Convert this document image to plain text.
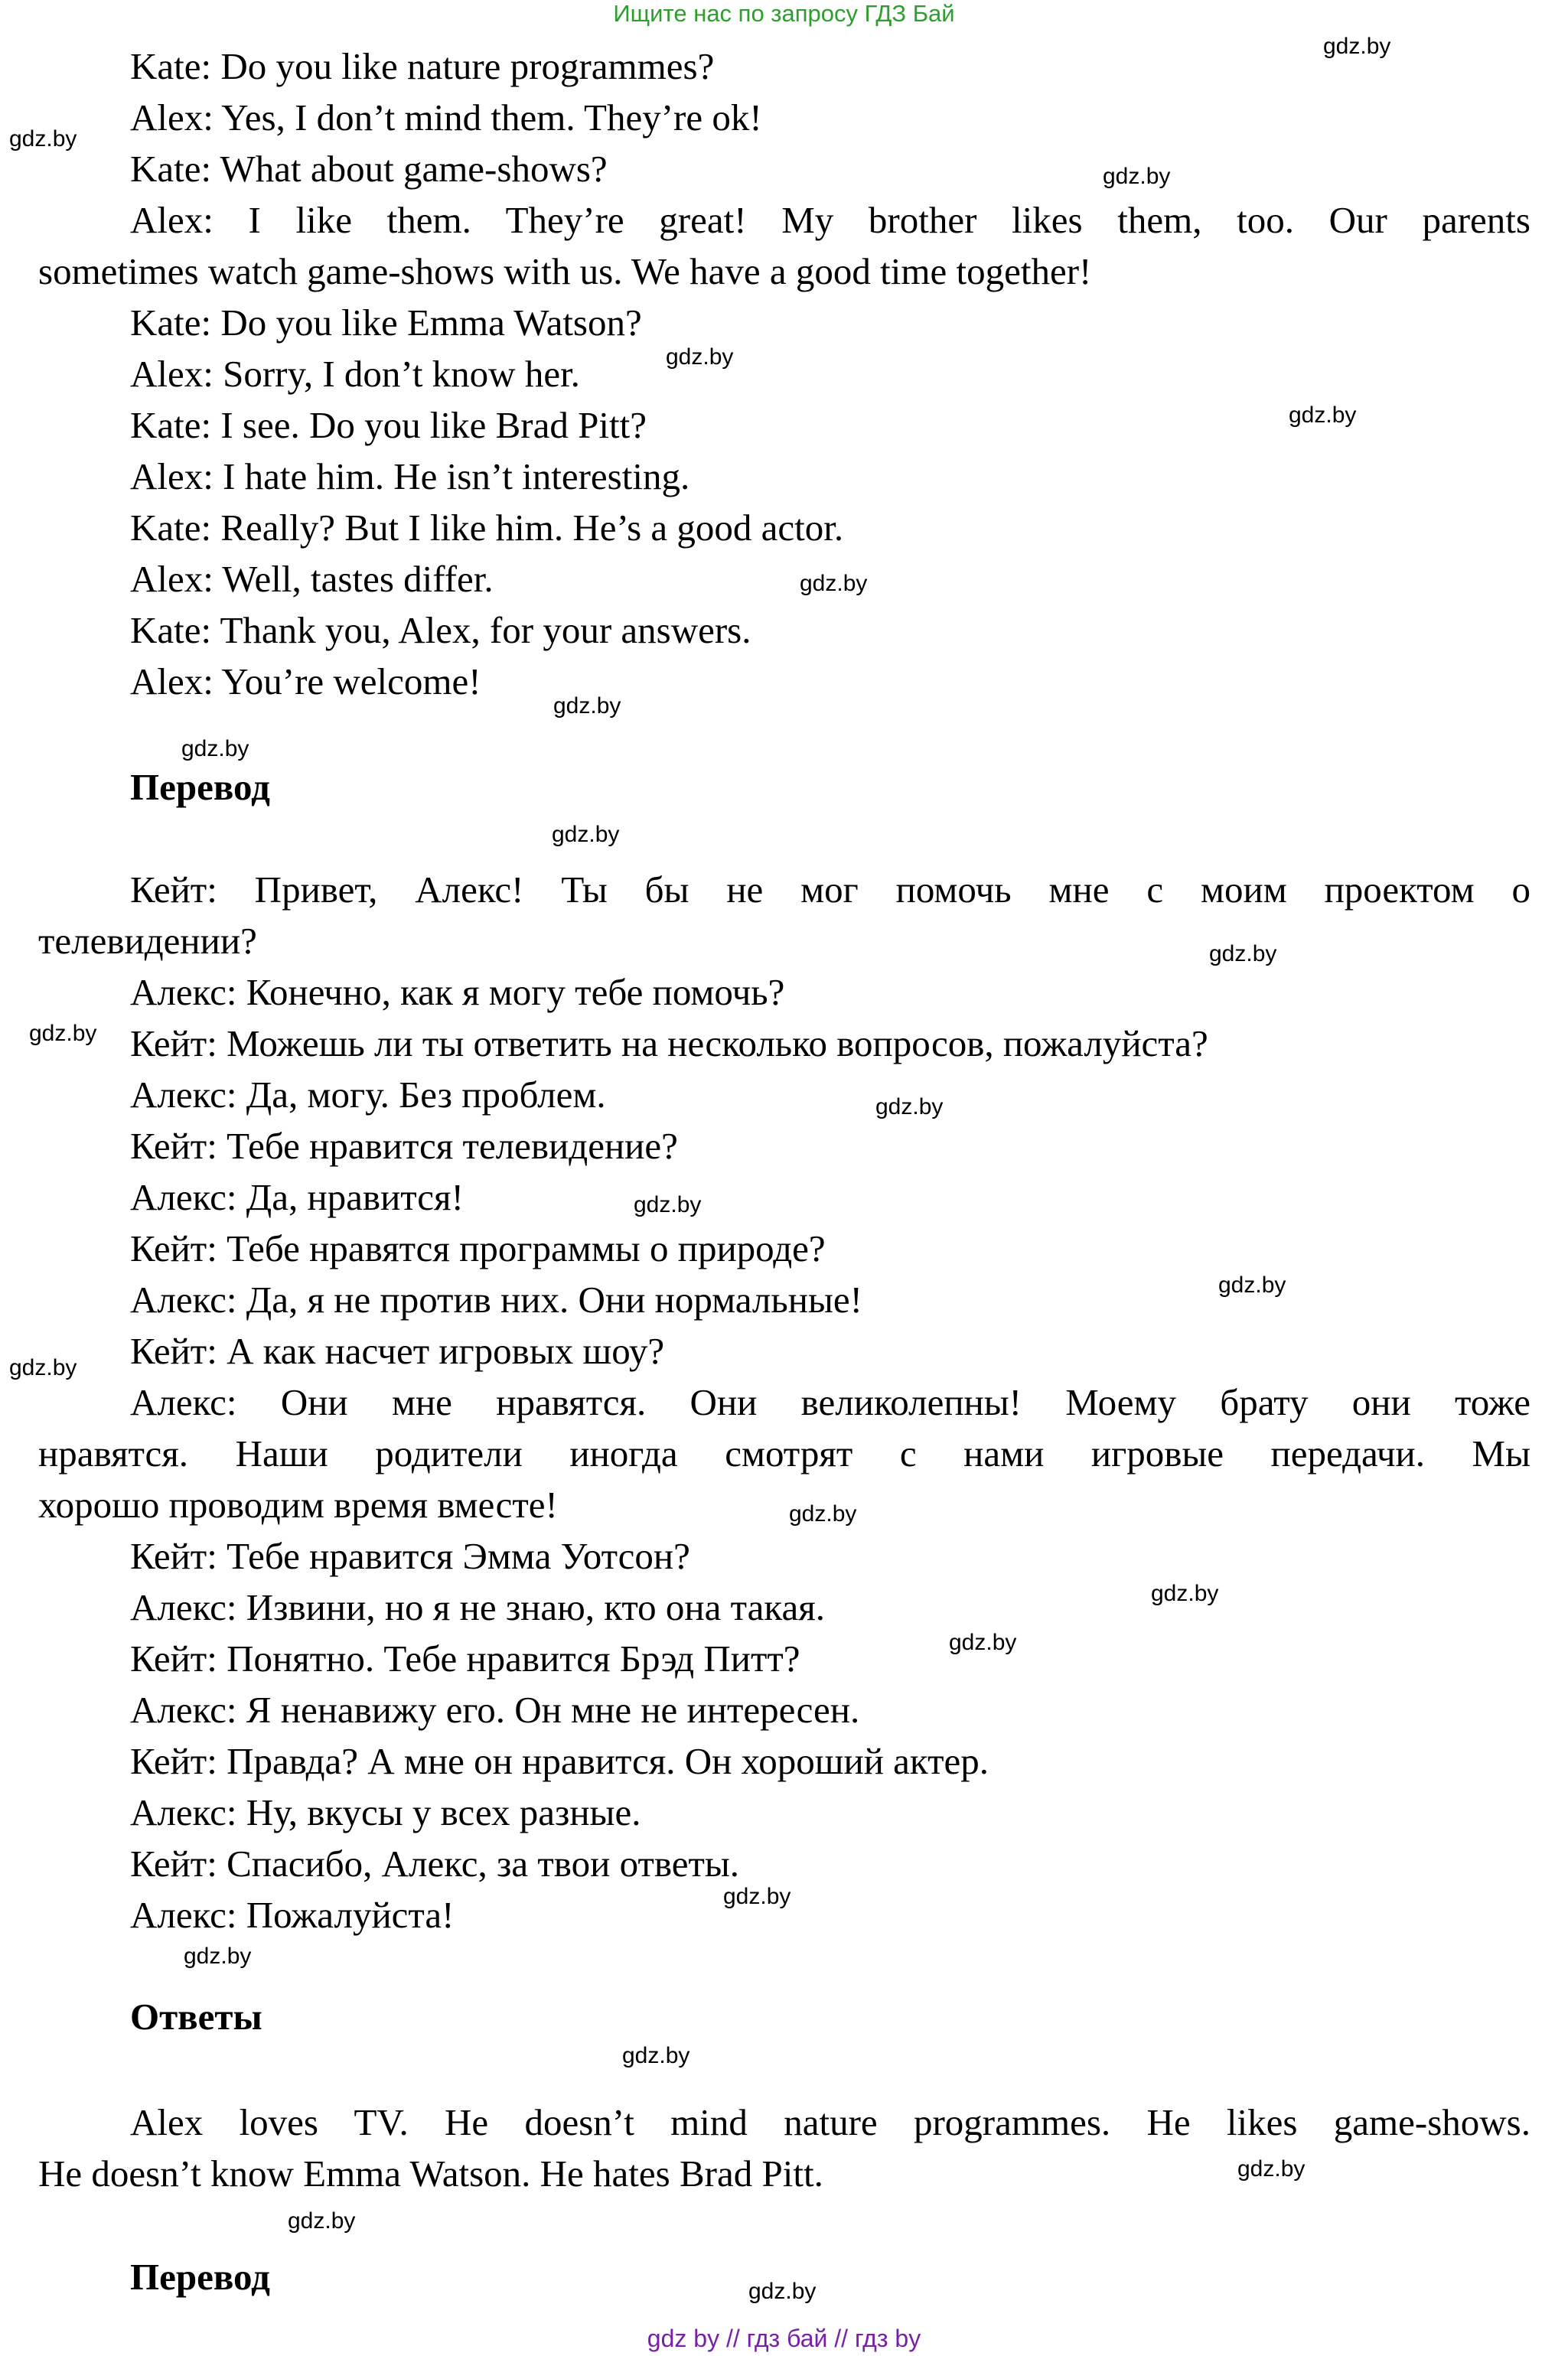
Ищите нас по запросу ГДЗ Бай
Kate: Do you like nature programmes?
Alex: Yes, I don’t mind them. They’re ok!
Kate: What about game-shows?
Alex: I like them. They’re great! My brother likes them, too. Our parents
sometimes watch game-shows with us. We have a good time together!
Kate: Do you like Emma Watson?
Alex: Sorry, I don’t know her.
Kate: I see. Do you like Brad Pitt?
Alex: I hate him. He isn’t interesting.
Kate: Really? But I like him. He’s a good actor.
Alex: Well, tastes differ.
Kate: Thank you, Alex, for your answers.
Alex: You’re welcome!
Перевод
Кейт: Привет, Алекс! Ты бы не мог помочь мне с моим проектом о
телевидении?
Алекс: Конечно, как я могу тебе помочь?
Кейт: Можешь ли ты ответить на несколько вопросов, пожалуйста?
Алекс: Да, могу. Без проблем.
Кейт: Тебе нравится телевидение?
Алекс: Да, нравится!
Кейт: Тебе нравятся программы о природе?
Алекс: Да, я не против них. Они нормальные!
Кейт: А как насчет игровых шоу?
Алекс: Они мне нравятся. Они великолепны! Моему брату они тоже
нравятся. Наши родители иногда смотрят с нами игровые передачи. Мы
хорошо проводим время вместе!
Кейт: Тебе нравится Эмма Уотсон?
Алекс: Извини, но я не знаю, кто она такая.
Кейт: Понятно. Тебе нравится Брэд Питт?
Алекс: Я ненавижу его. Он мне не интересен.
Кейт: Правда? А мне он нравится. Он хороший актер.
Алекс: Ну, вкусы у всех разные.
Кейт: Спасибо, Алекс, за твои ответы.
Алекс: Пожалуйста!
Ответы
Alex loves TV. He doesn’t mind nature programmes. He likes game-shows.
He doesn’t know Emma Watson. He hates Brad Pitt.
Перевод
gdz.by
gdz.by
gdz.by
gdz.by
gdz.by
gdz.by
gdz.by
gdz.by
gdz.by
gdz.by
gdz.by
gdz.by
gdz.by
gdz.by
gdz.by
gdz.by
gdz.by
gdz.by
gdz.by
gdz.by
gdz.by
gdz.by
gdz.by
gdz.by
gdz by // гдз бай // гдз by
